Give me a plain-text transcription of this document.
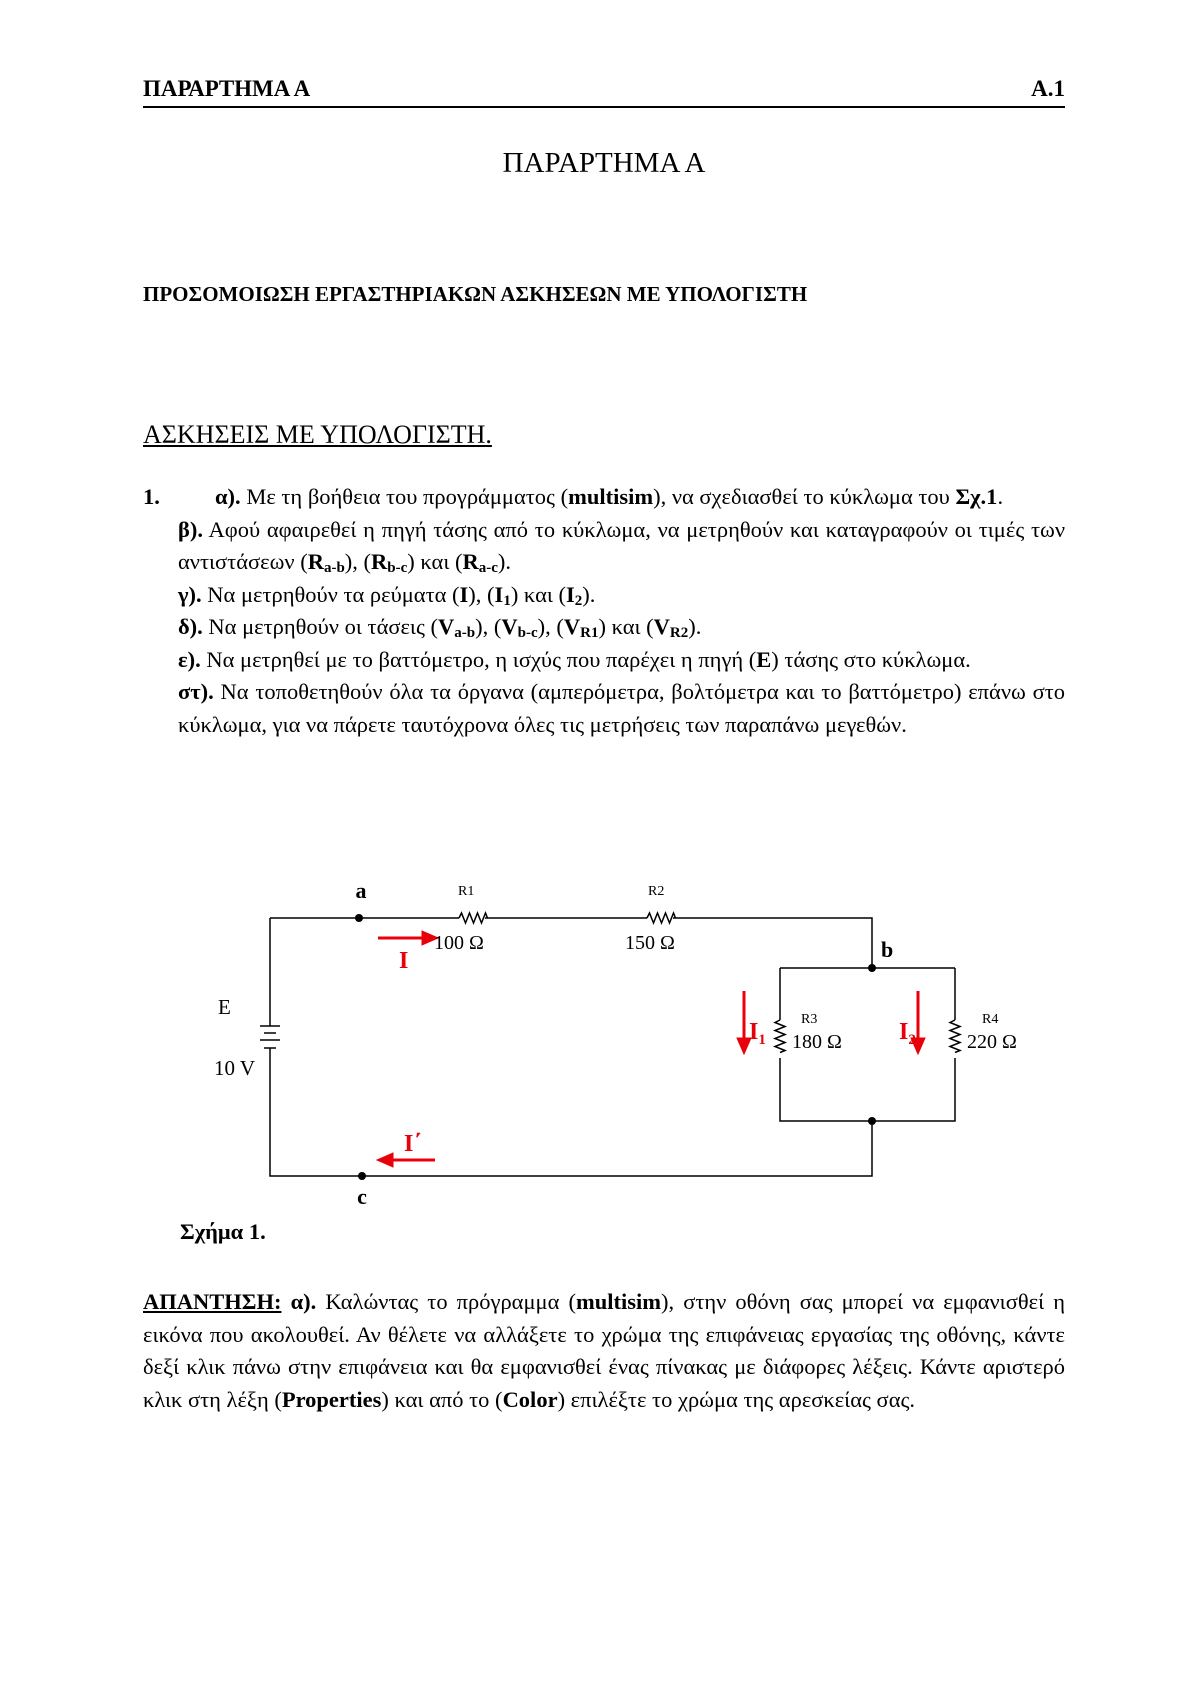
ΠΑΡΑΡΤΗΜΑ Α	Α.1
ΠΑΡΑΡΤΗΜΑ Α
ΠΡΟΣΟΜΟΙΩΣΗ ΕΡΓΑΣΤΗΡΙΑΚΩΝ ΑΣΚΗΣΕΩΝ ΜΕ ΥΠΟΛΟΓΙΣΤΗ
ΑΣΚΗΣΕΙΣ ΜΕ ΥΠΟΛΟΓΙΣΤΗ.
1. α). Με τη βοήθεια του προγράμματος (multisim), να σχεδιασθεί το κύκλωμα του Σχ.1.
β). Αφού αφαιρεθεί η πηγή τάσης από το κύκλωμα, να μετρηθούν και καταγραφούν οι τιμές των αντιστάσεων $(R_{a-b})$, $(R_{b-c})$ και $(R_{a-c})$.
γ). Να μετρηθούν τα ρεύματα (I), $(I_1)$ και $(I_2)$.
δ). Να μετρηθούν οι τάσεις $(V_{a-b})$, $(V_{b-c})$, $(V_{R1})$ και $(V_{R2})$.
ε). Να μετρηθεί με το βαττόμετρο, η ισχύς που παρέχει η πηγή (E) τάσης στο κύκλωμα.
στ). Να τοποθετηθούν όλα τα όργανα (αμπερόμετρα, βολτόμετρα και το βαττόμετρο) επάνω στο κύκλωμα, για να πάρετε ταυτόχρονα όλες τις μετρήσεις των παραπάνω μεγεθών.
a
b
c
E
10 V
R1
100 Ω
R2
150 Ω
R3
180 Ω
R4
220 Ω
I
$I_1$	$I_2$
I΄
Σχήμα 1.
ΑΠΑΝΤΗΣΗ: α). Καλώντας το πρόγραμμα (multisim), στην οθόνη σας μπορεί να εμφανισθεί η εικόνα που ακολουθεί. Αν θέλετε να αλλάξετε το χρώμα της επιφάνειας εργασίας της οθόνης, κάντε δεξί κλικ πάνω στην επιφάνεια και θα εμφανισθεί ένας πίνακας με διάφορες λέξεις. Κάντε αριστερό κλικ στη λέξη (Properties) και από το (Color) επιλέξτε το χρώμα της αρεσκείας σας.
